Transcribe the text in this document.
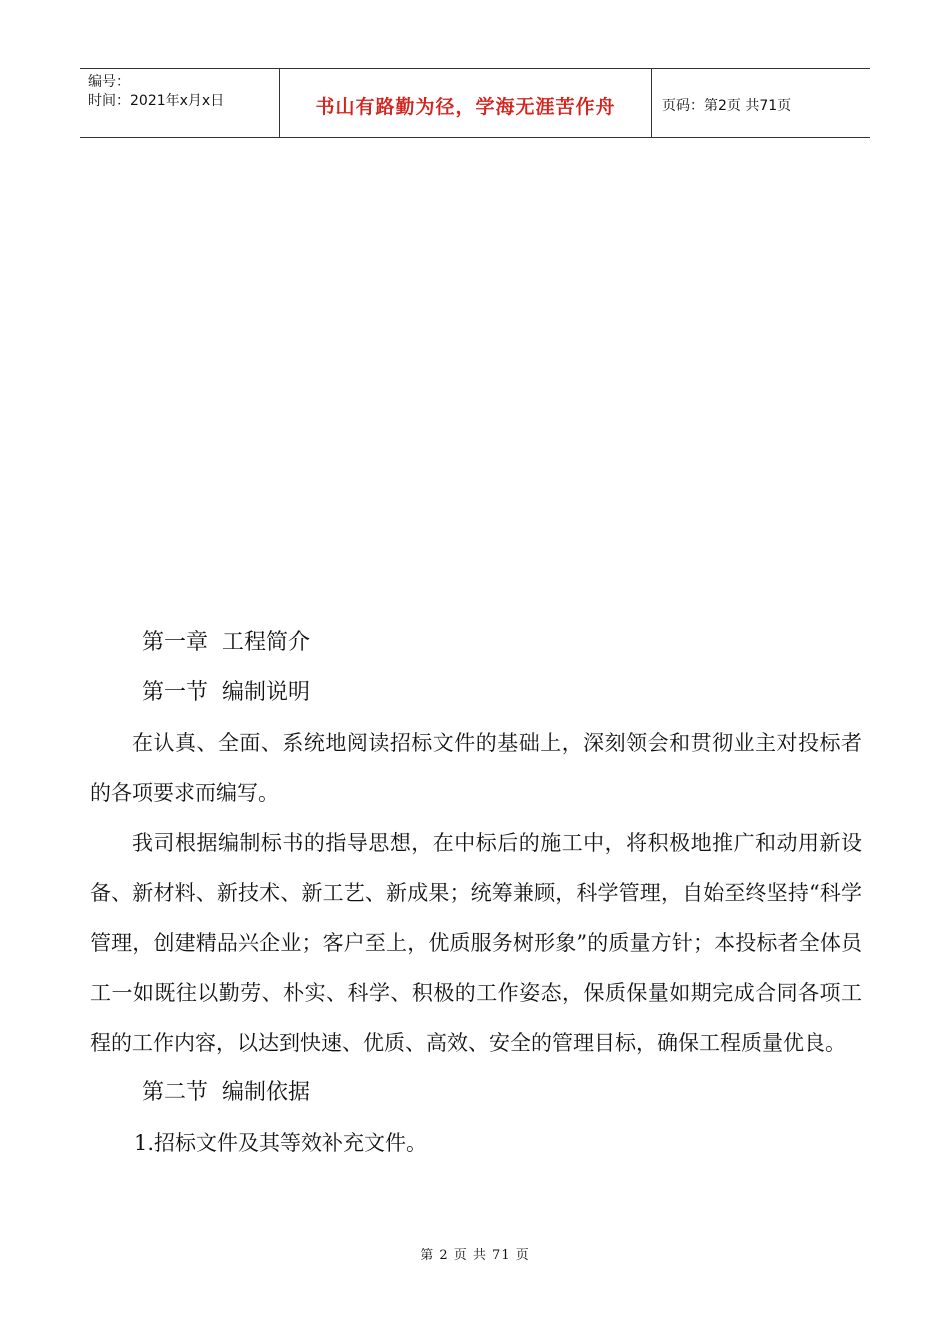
编号：
时间：2021年x月x日	书山有路勤为径，学海无涯苦作舟	页码：第2页 共71页
第一章 工程简介
第一节 编制说明

在认真、全面、系统地阅读招标文件的基础上，深刻领会和贯彻业主对投标者的各项要求而编写。

我司根据编制标书的指导思想，在中标后的施工中，将积极地推广和动用新设备、新材料、新技术、新工艺、新成果；统筹兼顾，科学管理，自始至终坚持“科学管理，创建精品兴企业；客户至上，优质服务树形象”的质量方针；本投标者全体员工一如既往以勤劳、朴实、科学、积极的工作姿态，保质保量如期完成合同各项工程的工作内容，以达到快速、优质、高效、安全的管理目标，确保工程质量优良。

第二节 编制依据

1.招标文件及其等效补充文件。

第 2 页 共 71 页
